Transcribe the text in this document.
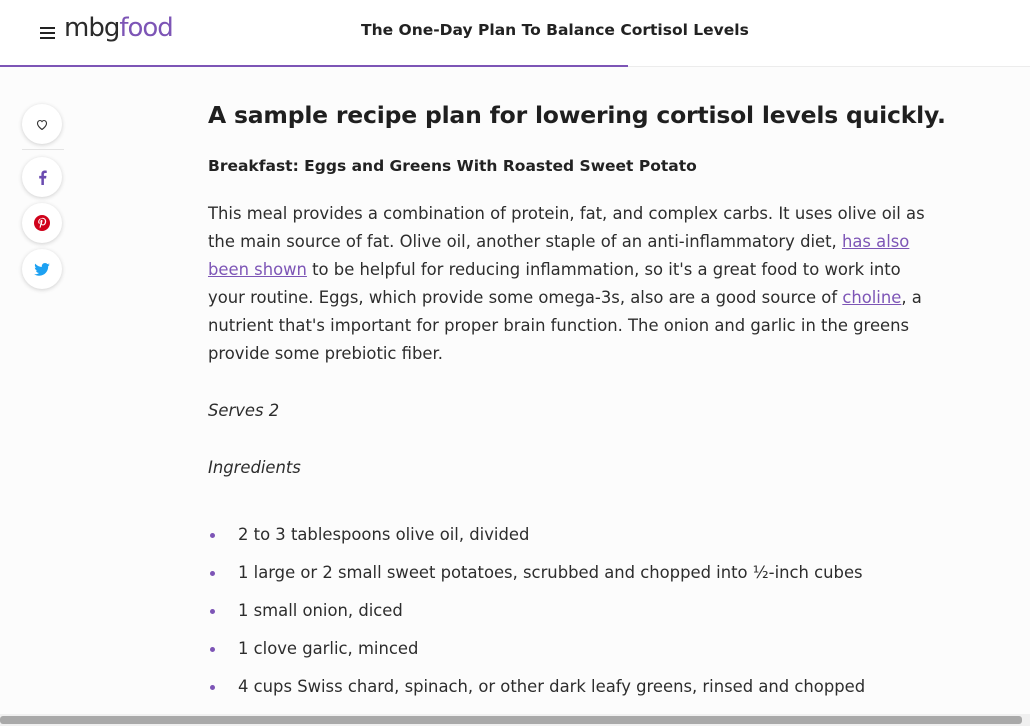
mbgfood	The One-Day Plan To Balance Cortisol Levels
A sample recipe plan for lowering cortisol levels quickly.
Breakfast: Eggs and Greens With Roasted Sweet Potato

This meal provides a combination of protein, fat, and complex carbs. It uses olive oil as the main source of fat. Olive oil, another staple of an anti-inflammatory diet, has also been shown to be helpful for reducing inflammation, so it's a great food to work into your routine. Eggs, which provide some omega-3s, also are a good source of choline, a nutrient that's important for proper brain function. The onion and garlic in the greens provide some prebiotic fiber.

Serves 2

Ingredients

2 to 3 tablespoons olive oil, divided
1 large or 2 small sweet potatoes, scrubbed and chopped into ½-inch cubes
1 small onion, diced
1 clove garlic, minced
4 cups Swiss chard, spinach, or other dark leafy greens, rinsed and chopped
